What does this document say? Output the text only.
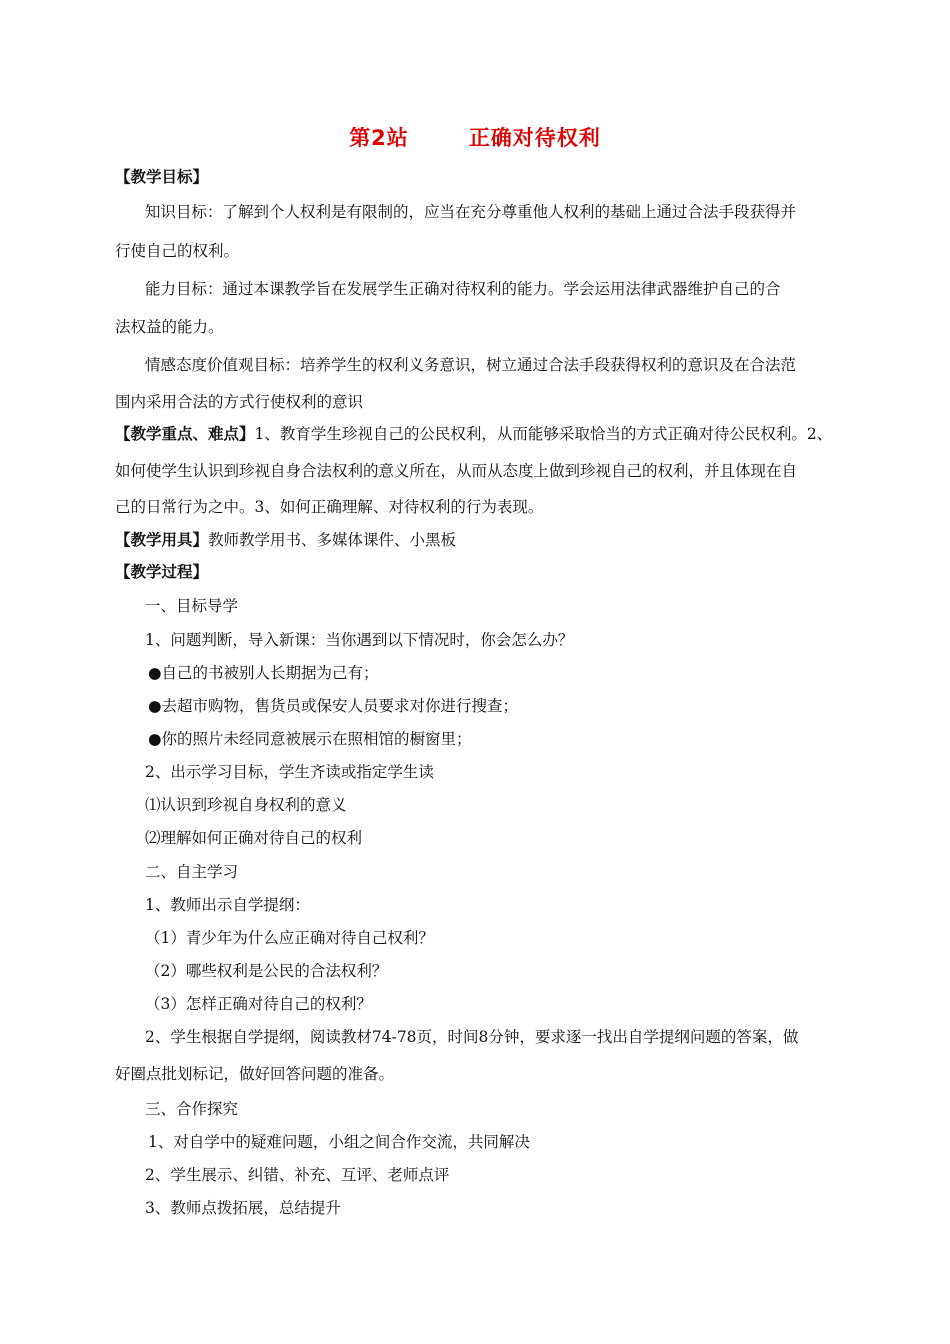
第2站	正确对待权利
【教学目标】
知识目标：了解到个人权利是有限制的，应当在充分尊重他人权利的基础上通过合法手段获得并
行使自己的权利。
能力目标：通过本课教学旨在发展学生正确对待权利的能力。学会运用法律武器维护自己的合
法权益的能力。
情感态度价值观目标：培养学生的权利义务意识，树立通过合法手段获得权利的意识及在合法范
围内采用合法的方式行使权利的意识
【教学重点、难点】1、教育学生珍视自己的公民权利，从而能够采取恰当的方式正确对待公民权利。2、
如何使学生认识到珍视自身合法权利的意义所在，从而从态度上做到珍视自己的权利，并且体现在自
己的日常行为之中。3、如何正确理解、对待权利的行为表现。
【教学用具】教师教学用书、多媒体课件、小黑板
【教学过程】
一、目标导学
1、问题判断，导入新课：当你遇到以下情况时，你会怎么办？
●自己的书被别人长期据为己有；
●去超市购物，售货员或保安人员要求对你进行搜查；
●你的照片未经同意被展示在照相馆的橱窗里；
2、出示学习目标，学生齐读或指定学生读
⑴认识到珍视自身权利的意义
⑵理解如何正确对待自己的权利
二、自主学习
1、教师出示自学提纲：
（1）青少年为什么应正确对待自己权利？
（2）哪些权利是公民的合法权利？
（3）怎样正确对待自己的权利？
2、学生根据自学提纲，阅读教材74-78页，时间8分钟，要求逐一找出自学提纲问题的答案，做
好圈点批划标记，做好回答问题的准备。
三、合作探究
1、对自学中的疑难问题，小组之间合作交流，共同解决
2、学生展示、纠错、补充、互评、老师点评
3、教师点拨拓展，总结提升
